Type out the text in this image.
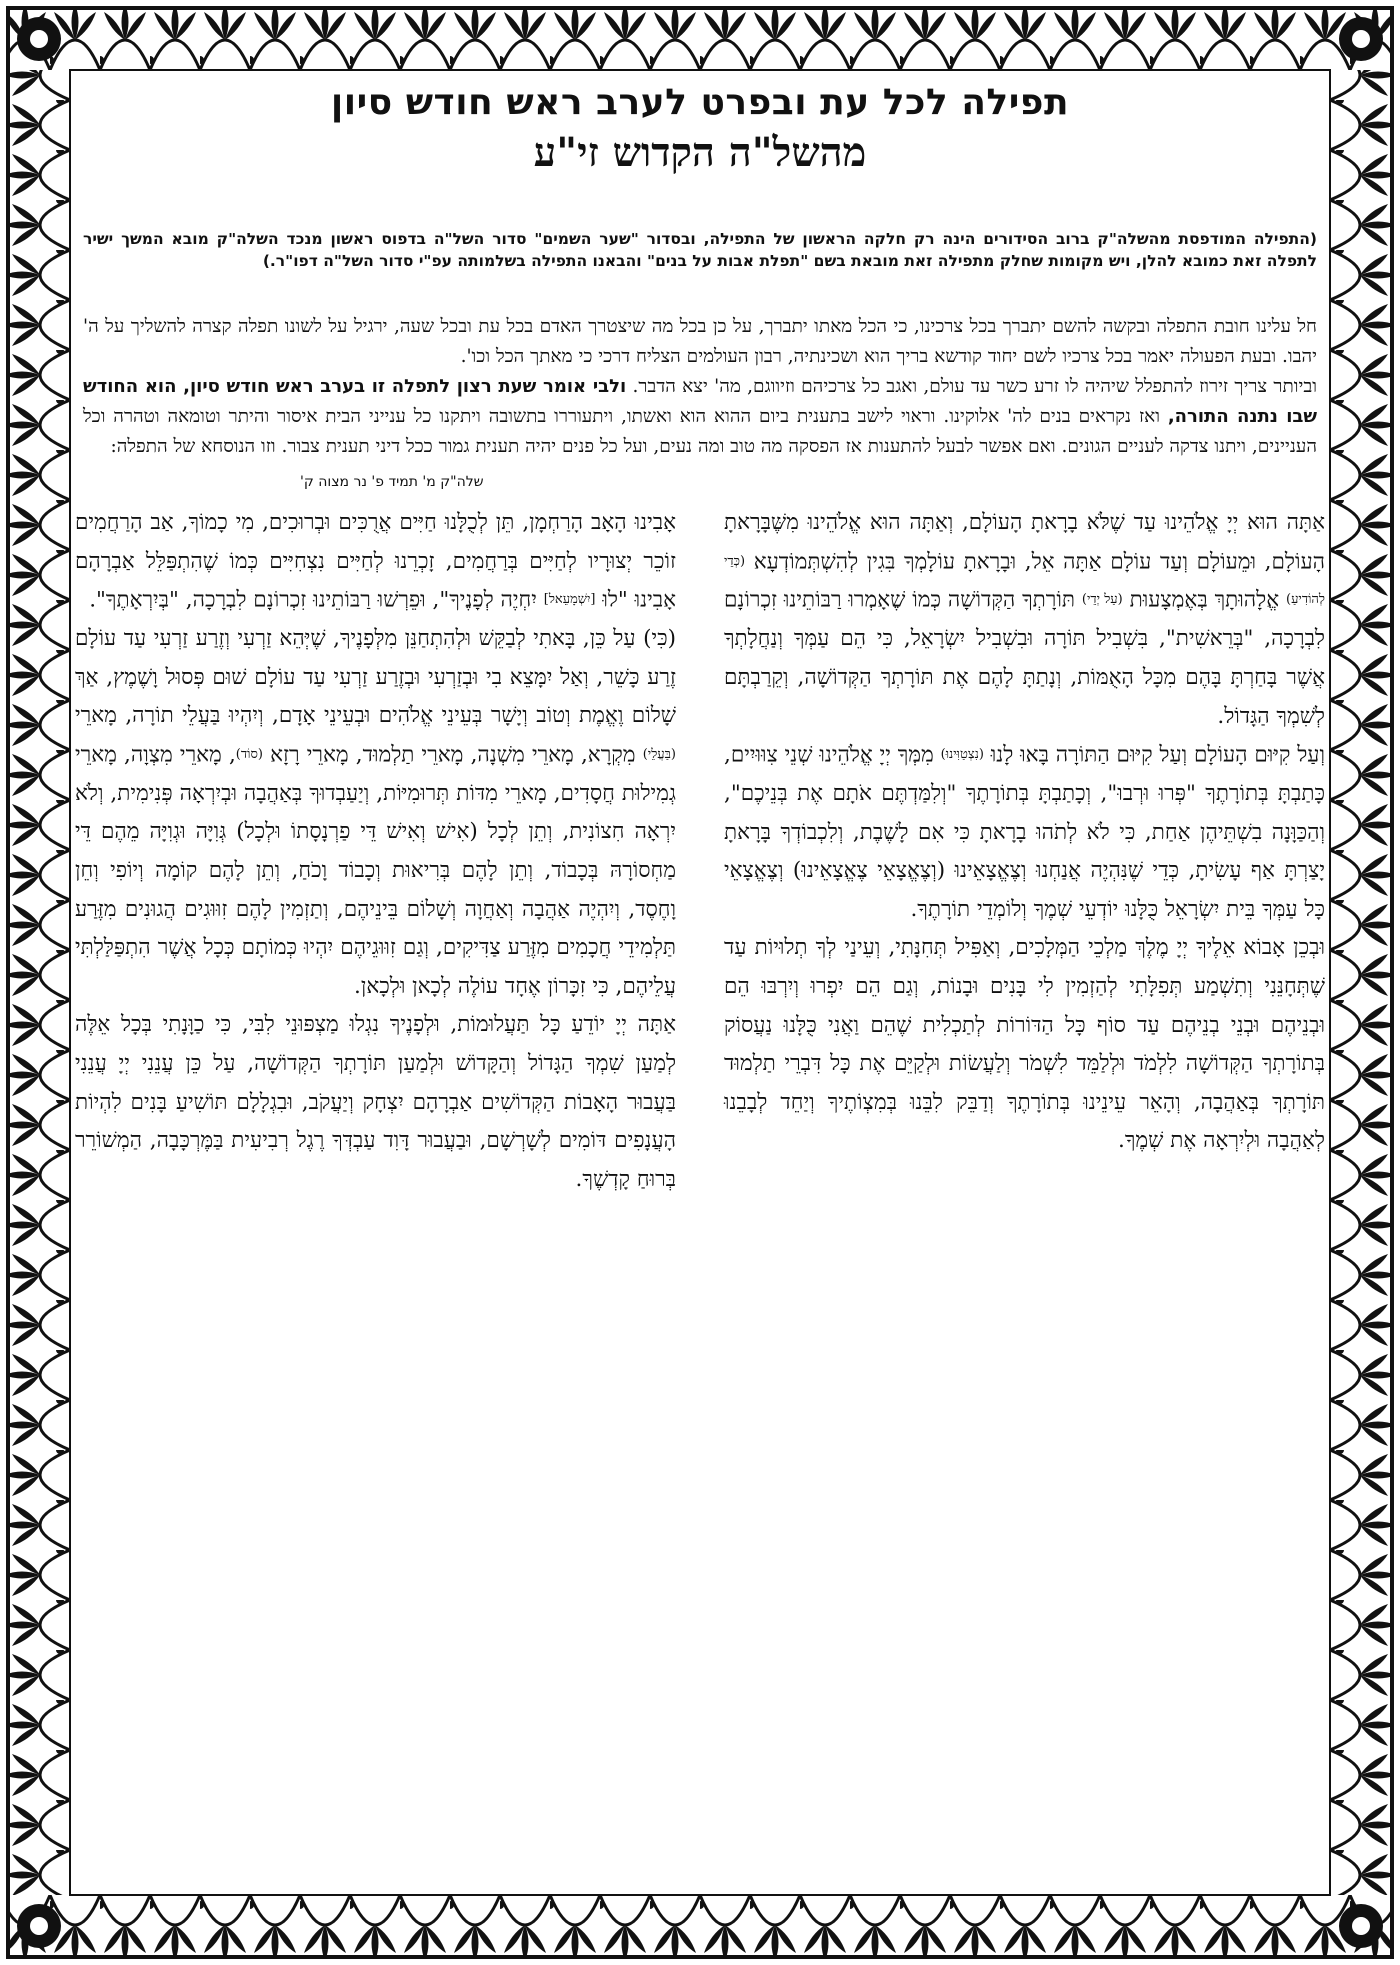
תפילה לכל עת ובפרט לערב ראש חודש סיון
מהשל"ה הקדוש זי"ע
(התפילה המודפסת מהשלה"ק ברוב הסידורים הינה רק חלקה הראשון של התפילה, ובסדור "שער השמים" סדור השל"ה בדפוס ראשון מנכד השלה"ק מובא המשך ישיר לתפלה זאת כמובא להלן, ויש מקומות שחלק מתפילה זאת מובאת בשם "תפלת אבות על בנים" והבאנו התפילה בשלמותה עפ"י סדור השל"ה דפו"ר.)

חל עלינו חובת התפלה ובקשה להשם יתברך בכל צרכינו, כי הכל מאתו יתברך, על כן בכל מה שיצטרך האדם בכל עת ובכל שעה, ירגיל על לשונו תפלה קצרה להשליך על ה' יהבו. ובעת הפעולה יאמר בכל צרכיו לשם יחוד קודשא בריך הוא ושכינתיה, רבון העולמים הצליח דרכי כי מאתך הכל וכו'.

וביותר צריך זירוז להתפלל שיהיה לו זרע כשר עד עולם, ואגב כל צרכיהם וזיווגם, מה' יצא הדבר. ולבי אומר שעת רצון לתפלה זו בערב ראש חודש סיון, הוא החודש שבו נתנה התורה, ואז נקראים בנים לה' אלוקינו. וראוי לישב בתענית ביום ההוא הוא ואשתו, ויתעוררו בתשובה ויתקנו כל ענייני הבית איסור והיתר וטומאה וטהרה וכל העניינים, ויתנו צדקה לעניים הגונים. ואם אפשר לבעל להתענות אז הפסקה מה טוב ומה נעים, ועל כל פנים יהיה תענית גמור ככל דיני תענית צבור. וזו הנוסחא של התפלה:

שלה"ק מ' תמיד פ' נר מצוה ק'

אַתָּה הוּא יְיָ אֱלֹהֵינוּ עַד שֶׁלֹּא בָרָאתָ הָעוֹלָם, וְאַתָּה הוּא אֱלֹהֵינוּ מִשֶּׁבָּרָאתָ הָעוֹלָם, וּמֵעוֹלָם וְעַד עוֹלָם אַתָּה אֵל, וּבָרָאתָ עוֹלָמְךָ בִּגִין לְהִשְׁתְּמוֹדְעָא (כְּדֵי לְהוֹדִיעַ) אֱלָהוּתָךְ בְּאֶמְצָעוּת (עַל יְדֵי) תּוֹרָתְךָ הַקְּדוֹשָׁה כְּמוֹ שֶׁאָמְרוּ רַבּוֹתֵינוּ זִכְרוֹנָם לִבְרָכָה, "בְּרֵאשִׁית", בִּשְׁבִיל תּוֹרָה וּבִשְׁבִיל יִשְׂרָאֵל, כִּי הֵם עַמְּךָ וְנַחֲלָתְךָ אֲשֶׁר בָּחַרְתָּ בָּהֶם מִכָּל הָאֻמּוֹת, וְנָתַתָּ לָהֶם אֶת תּוֹרָתְךָ הַקְּדוֹשָׁה, וְקֵרַבְתָּם לְשִׁמְךָ הַגָּדוֹל.

וְעַל קִיּוּם הָעוֹלָם וְעַל קִיּוּם הַתּוֹרָה בָּאוּ לָנוּ (נִצְטַוִּינוּ) מִמְּךָ יְיָ אֱלֹהֵינוּ שְׁנֵי צִוּוּיִים, כָּתַבְתָּ בְּתוֹרָתֶךָ "פְּרוּ וּרְבוּ", וְכָתַבְתָּ בְּתוֹרָתֶךָ "וְלִמַּדְתֶּם אֹתָם אֶת בְּנֵיכֶם", וְהַכַּוָּנָה בִשְׁתֵּיהֶן אַחַת, כִּי לֹא לְתֹהוּ בָרָאתָ כִּי אִם לָשֶׁבֶת, וְלִכְבוֹדְךָ בָּרָאתָ יָצַרְתָּ אַף עָשִׂיתָ, כְּדֵי שֶׁנִּהְיֶה אֲנַחְנוּ וְצֶאֱצָאֵינוּ (וְצֶאֱצָאֵי צֶאֱצָאֵינוּ) וְצֶאֱצָאֵי כָּל עַמְּךָ בֵּית יִשְׂרָאֵל כֻּלָּנוּ יוֹדְעֵי שְׁמֶךָ וְלוֹמְדֵי תוֹרָתֶךָ.

וּבְכֵן אָבוֹא אֵלֶיךָ יְיָ מֶלֶךְ מַלְכֵי הַמְּלָכִים, וְאַפִּיל תְּחִנָּתִי, וְעֵינַי לְךָ תְלוּיוֹת עַד שֶׁתְּחָנֵּנִי וְתִשְׁמַע תְּפִלָּתִי לְהַזְמִין לִי בָּנִים וּבָנוֹת, וְגַם הֵם יִפְרוּ וְיִרְבּוּ הֵם וּבְנֵיהֶם וּבְנֵי בְנֵיהֶם עַד סוֹף כָּל הַדּוֹרוֹת לְתַכְלִית שֶׁהֵם וַאֲנִי כֻּלָּנוּ נַעֲסוֹק בְּתוֹרָתְךָ הַקְּדוֹשָׁה לִלְמֹד וּלְלַמֵּד לִשְׁמֹר וְלַעֲשׂוֹת וּלְקַיֵּם אֶת כָּל דִּבְרֵי תַלְמוּד תּוֹרָתְךָ בְּאַהֲבָה, וְהָאֵר עֵינֵינוּ בְּתוֹרָתֶךָ וְדַבֵּק לִבֵּנוּ בְּמִצְוֹתֶיךָ וְיַחֵד לְבָבֵנוּ לְאַהֲבָה וּלְיִרְאָה אֶת שְׁמֶךָ.

אָבִינוּ הָאָב הָרַחְמָן, תֵּן לְכֻלָּנוּ חַיִּים אֲרֻכִּים וּבְרוּכִים, מִי כָמוֹךָ, אַב הָרַחֲמִים זוֹכֵר יְצוּרָיו לְחַיִּים בְּרַחֲמִים, זָכְרֵנוּ לְחַיִּים נִצְחִיִּים כְּמוֹ שֶׁהִתְפַּלֵּל אַבְרָהָם אָבִינוּ "לוּ [יִשְׁמָעֵאל] יִחְיֶה לְפָנֶיךָ", וּפֵרְשׁוּ רַבּוֹתֵינוּ זִכְרוֹנָם לִבְרָכָה, "בְּיִרְאָתֶךָ".

(כִּי) עַל כֵּן, בָּאתִי לְבַקֵּשׁ וּלְהִתְחַנֵּן מִלְּפָנֶיךָ, שֶׁיְּהֵא זַרְעִי וְזֶרַע זַרְעִי עַד עוֹלָם זֶרַע כָּשֵׁר, וְאַל יִמָּצֵא בִי וּבְזַרְעִי וּבְזֶרַע זַרְעִי עַד עוֹלָם שׁוּם פְּסוּל וָשֶׁמֶץ, אַךְ שָׁלוֹם וֶאֱמֶת וְטוֹב וְיָשָׁר בְּעֵינֵי אֱלֹהִים וּבְעֵינֵי אָדָם, וְיִהְיוּ בַּעֲלֵי תוֹרָה, מָארֵי (בַּעֲלֵי) מִקְרָא, מָארֵי מִשְׁנָה, מָארֵי תַלְמוּד, מָארֵי רָזָא (סוֹד), מָארֵי מִצְוָה, מָארֵי גְמִילוּת חֲסָדִים, מָארֵי מִדּוֹת תְּרוּמִיּוֹת, וְיַעַבְדוּךָ בְּאַהֲבָה וּבְיִרְאָה פְּנִימִית, וְלֹא יִרְאָה חִצוֹנִית, וְתֵן לְכָל (אִישׁ וְאִישׁ דֵּי פַרְנָסָתוֹ וּלְכָל) גְּוִיָּה וּגְוִיָּה מֵהֶם דֵּי מַחְסוֹרָהּ בְּכָבוֹד, וְתֵן לָהֶם בְּרִיאוּת וְכָבוֹד וָכֹחַ, וְתֵן לָהֶם קוֹמָה וְיוֹפִי וְחֵן וָחֶסֶד, וְיִהְיֶה אַהֲבָה וְאַחֲוָה וְשָׁלוֹם בֵּינֵיהֶם, וְתַזְמִין לָהֶם זִוּוּגִים הֲגוּנִים מִזֶּרַע תַּלְמִידֵי חֲכָמִים מִזֶּרַע צַדִּיקִים, וְגַם זִוּוּגֵיהֶם יִהְיוּ כְּמוֹתָם כְּכָל אֲשֶׁר הִתְפַּלַּלְתִּי עֲלֵיהֶם, כִּי זִכָּרוֹן אֶחָד עוֹלֶה לְכָאן וּלְכָאן.

אַתָּה יְיָ יוֹדֵעַ כָּל תַּעֲלוּמוֹת, וּלְפָנֶיךָ נִגְלוּ מַצְפּוּנֵי לִבִּי, כִּי כַוָּנָתִי בְּכָל אֵלֶּה לְמַעַן שִׁמְךָ הַגָּדוֹל וְהַקָּדוֹשׁ וּלְמַעַן תּוֹרָתְךָ הַקְּדוֹשָׁה, עַל כֵּן עֲנֵנִי יְיָ עֲנֵנִי בַּעֲבוּר הָאָבוֹת הַקְּדוֹשִׁים אַבְרָהָם יִצְחָק וְיַעֲקֹב, וּבִגְלָלָם תּוֹשִׁיעַ בָּנִים לִהְיוֹת הָעֲנָפִים דּוֹמִים לְשָׁרְשָׁם, וּבַעֲבוּר דָּוִד עַבְדְּךָ רֶגֶל רְבִיעִית בַּמֶּרְכָּבָה, הַמְשׁוֹרֵר בְּרוּחַ קָדְשֶׁךָ.
